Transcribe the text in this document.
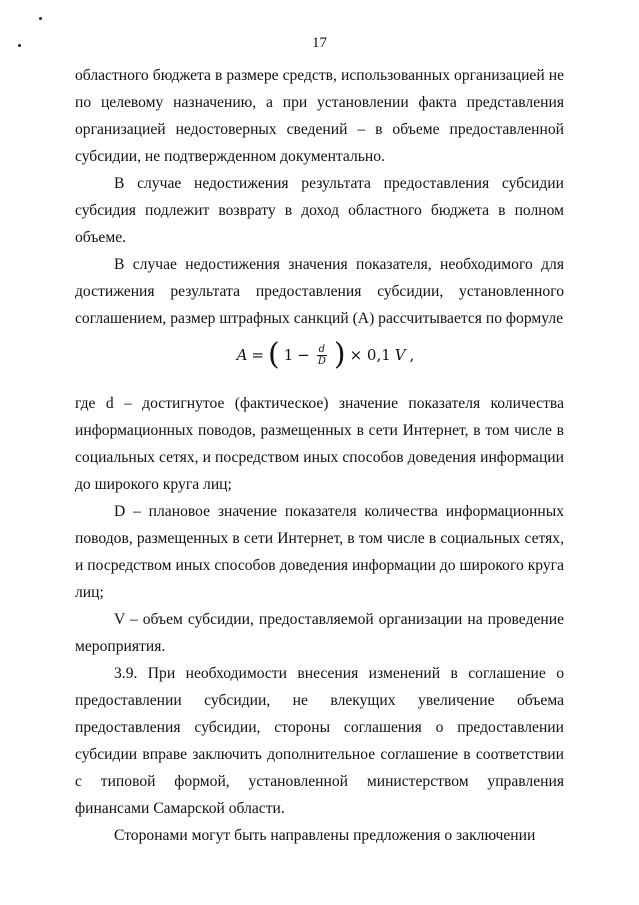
17

областного бюджета в размере средств, использованных организацией не по целевому назначению, а при установлении факта представления организацией недостоверных сведений – в объеме предоставленной субсидии, не подтвержденном документально.

В случае недостижения результата предоставления субсидии субсидия подлежит возврату в доход областного бюджета в полном объеме.

В случае недостижения значения показателя, необходимого для достижения результата предоставления субсидии, установленного соглашением, размер штрафных санкций (А) рассчитывается по формуле

A = ( $1 - \frac{d}{D}$ ) × 0,1 V ,

где d – достигнутое (фактическое) значение показателя количества информационных поводов, размещенных в сети Интернет, в том числе в социальных сетях, и посредством иных способов доведения информации до широкого круга лиц;

D – плановое значение показателя количества информационных поводов, размещенных в сети Интернет, в том числе в социальных сетях, и посредством иных способов доведения информации до широкого круга лиц;

V – объем субсидии, предоставляемой организации на проведение мероприятия.

3.9. При необходимости внесения изменений в соглашение о предоставлении субсидии, не влекущих увеличение объема предоставления субсидии, стороны соглашения о предоставлении субсидии вправе заключить дополнительное соглашение в соответствии с типовой формой, установленной министерством управления финансами Самарской области.

Сторонами могут быть направлены предложения о заключении
